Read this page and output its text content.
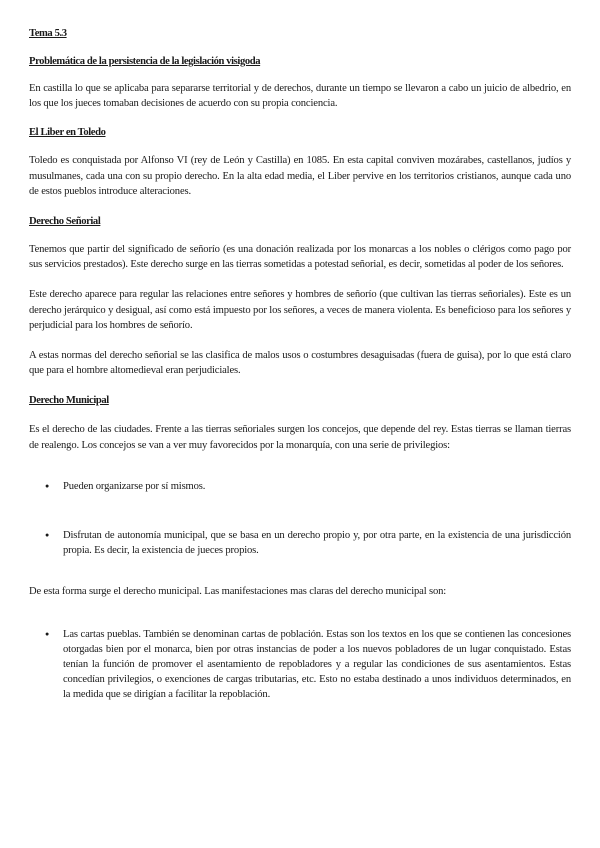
Tema 5.3
Problemática de la persistencia de la legislación visigoda

En castilla lo que se aplicaba para separarse territorial y de derechos, durante un tiempo se llevaron a cabo un juicio de albedrio, en los que los jueces tomaban decisiones de acuerdo con su propia conciencia.

El Liber en Toledo

Toledo es conquistada por Alfonso VI (rey de León y Castilla) en 1085. En esta capital conviven mozárabes, castellanos, judíos y musulmanes, cada una con su propio derecho. En la alta edad media, el Liber pervive en los territorios cristianos, aunque cada uno de estos pueblos introduce alteraciones.

Derecho Señorial

Tenemos que partir del significado de señorío (es una donación realizada por los monarcas a los nobles o clérigos como pago por sus servicios prestados). Este derecho surge en las tierras sometidas a potestad señorial, es decir, sometidas al poder de los señores.

Este derecho aparece para regular las relaciones entre señores y hombres de señorío (que cultivan las tierras señoriales). Este es un derecho jerárquico y desigual, así como está impuesto por los señores, a veces de manera violenta. Es beneficioso para los señores y perjudicial para los hombres de señorío.

A estas normas del derecho señorial se las clasifica de malos usos o costumbres desaguisadas (fuera de guisa), por lo que está claro que para el hombre altomedieval eran perjudiciales.

Derecho Municipal

Es el derecho de las ciudades. Frente a las tierras señoriales surgen los concejos, que depende del rey. Estas tierras se llaman tierras de realengo. Los concejos se van a ver muy favorecidos por la monarquía, con una serie de privilegios:

● Pueden organizarse por sí mismos.
● Disfrutan de autonomía municipal, que se basa en un derecho propio y, por otra parte, en la existencia de una jurisdicción propia. Es decir, la existencia de jueces propios.

De esta forma surge el derecho municipal. Las manifestaciones mas claras del derecho municipal son:

● Las cartas pueblas. También se denominan cartas de población. Estas son los textos en los que se contienen las concesiones otorgadas bien por el monarca, bien por otras instancias de poder a los nuevos pobladores de un lugar conquistado. Estas tenían la función de promover el asentamiento de repobladores y a regular las condiciones de sus asentamientos. Estas concedían privilegios, o exenciones de cargas tributarias, etc. Esto no estaba destinado a unos individuos determinados, en la medida que se dirigían a facilitar la repoblación.
